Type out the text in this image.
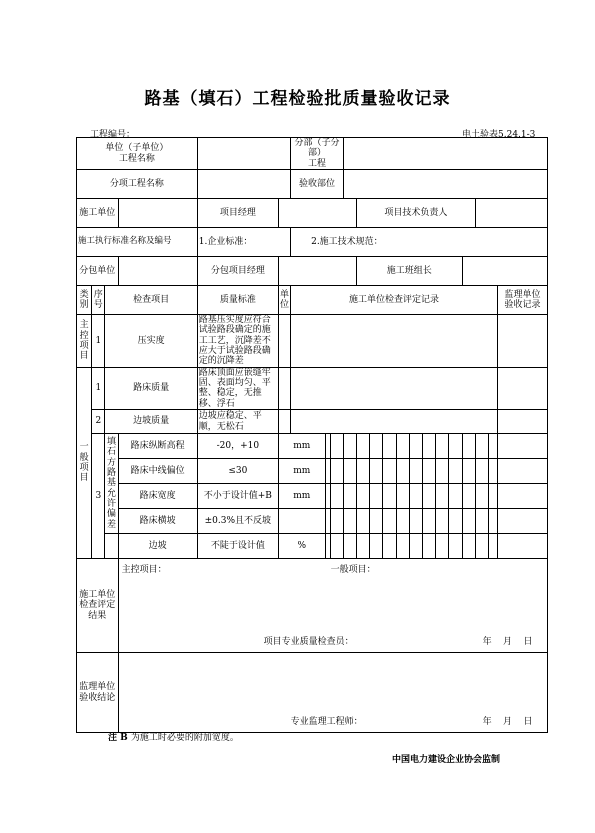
路基（填石）工程检验批质量验收记录
工程编号：	电土验表5.24.1-3
单位（子单位）
工程名称						分部（子分部）
工程															
分项工程名称						验收部位															
施工单位				项目经理						项目技术负责人											
施工执行标准名称及编号				1.企业标准：		2.施工技术规范：															
分包单位				分包项目经理						施工班组长											
类别	序号	检查项目		质量标准	单位	施工单位检查评定记录															监理单位
验收记录
主控项目	1	压实度		路基压实度应符合试验路段确定的施工工艺，沉降差不应大于试验路段确定的沉降差																	
一般项目	1	路床质量		路床顶面应嵌缝牢固、表面均匀、平整、稳定，无推移、浮石																	
	2	边坡质量		边坡应稳定、平顺，无松石																	
	3	填石方路基允许偏差	路床纵断高程	-20，+10	mm																
			路床中线偏位	≤30	mm																
			路床宽度	不小于设计值+B	mm																
			路床横坡	±0.3%且不反坡																	
			边坡	不陡于设计值	%																
施工单位检查评定结果			主控项目： 一般项目：
项目专业质量检查员： 年    月    日																		

监理单位验收结论			专业监理工程师： 年    月    日																		
注 B 为施工时必要的附加宽度。
中国电力建设企业协会监制
